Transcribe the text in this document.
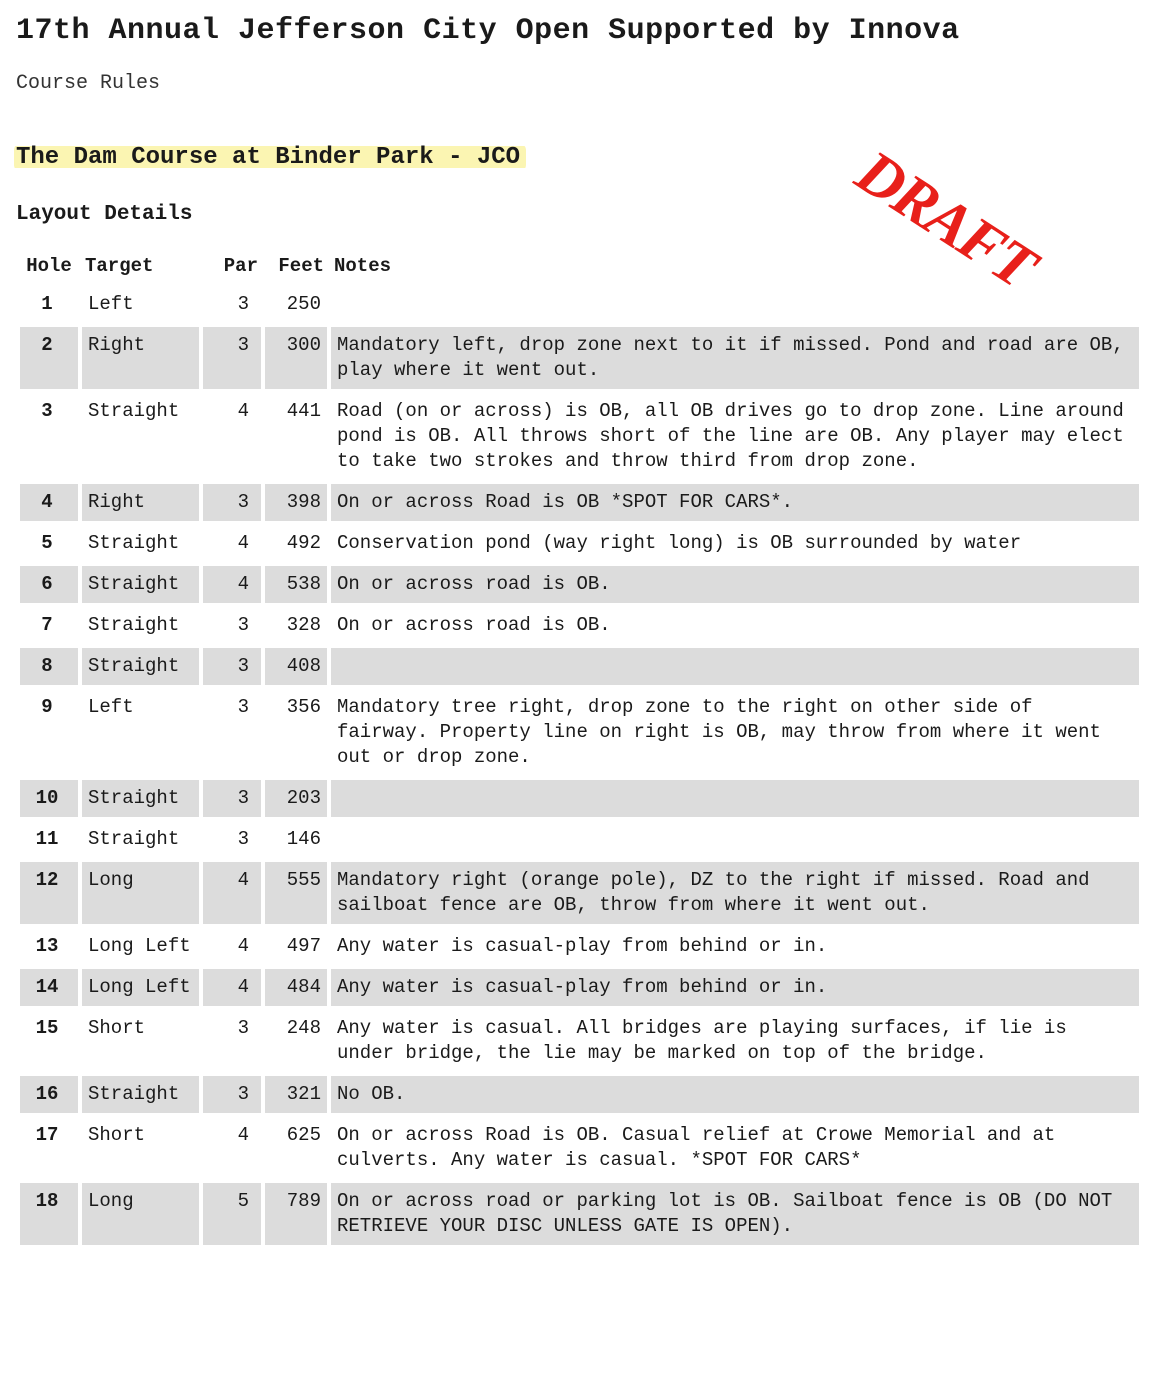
17th Annual Jefferson City Open Supported by Innova

Course Rules

The Dam Course at Binder Park - JCO	DRAFT
Layout Details
Hole	Target	Par	Feet	Notes
1	Left	3	250	
2	Right	3	300	Mandatory left, drop zone next to it if missed. Pond and road are OB, play where it went out.
3	Straight	4	441	Road (on or across) is OB, all OB drives go to drop zone. Line around pond is OB. All throws short of the line are OB. Any player may elect to take two strokes and throw third from drop zone.
4	Right	3	398	On or across Road is OB *SPOT FOR CARS*.
5	Straight	4	492	Conservation pond (way right long) is OB surrounded by water
6	Straight	4	538	On or across road is OB.
7	Straight	3	328	On or across road is OB.
8	Straight	3	408	
9	Left	3	356	Mandatory tree right, drop zone to the right on other side of fairway. Property line on right is OB, may throw from where it went out or drop zone.
10	Straight	3	203	
11	Straight	3	146	
12	Long	4	555	Mandatory right (orange pole), DZ to the right if missed. Road and sailboat fence are OB, throw from where it went out.
13	Long Left	4	497	Any water is casual-play from behind or in.
14	Long Left	4	484	Any water is casual-play from behind or in.
15	Short	3	248	Any water is casual. All bridges are playing surfaces, if lie is under bridge, the lie may be marked on top of the bridge.
16	Straight	3	321	No OB.
17	Short	4	625	On or across Road is OB. Casual relief at Crowe Memorial and at culverts. Any water is casual. *SPOT FOR CARS*
18	Long	5	789	On or across road or parking lot is OB. Sailboat fence is OB (DO NOT RETRIEVE YOUR DISC UNLESS GATE IS OPEN).
